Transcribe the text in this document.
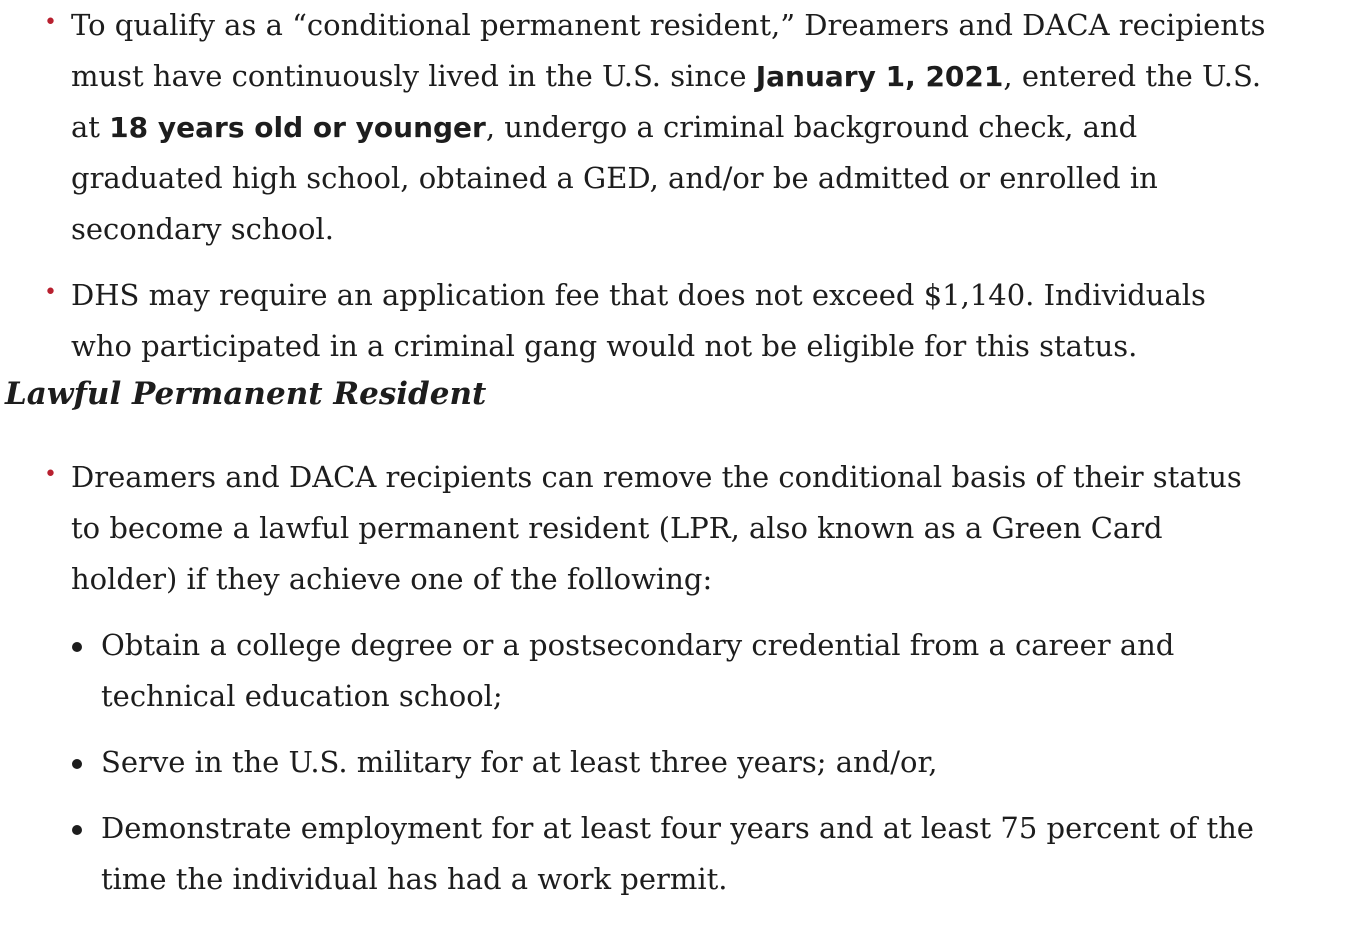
• To qualify as a “conditional permanent resident,” Dreamers and DACA recipients must have continuously lived in the U.S. since January 1, 2021, entered the U.S. at 18 years old or younger, undergo a criminal background check, and graduated high school, obtained a GED, and/or be admitted or enrolled in secondary school.
• DHS may require an application fee that does not exceed $1,140. Individuals who participated in a criminal gang would not be eligible for this status.
Lawful Permanent Resident
• Dreamers and DACA recipients can remove the conditional basis of their status to become a lawful permanent resident (LPR, also known as a Green Card holder) if they achieve one of the following:
Obtain a college degree or a postsecondary credential from a career and technical education school;
Serve in the U.S. military for at least three years; and/or,
Demonstrate employment for at least four years and at least 75 percent of the time the individual has had a work permit.
